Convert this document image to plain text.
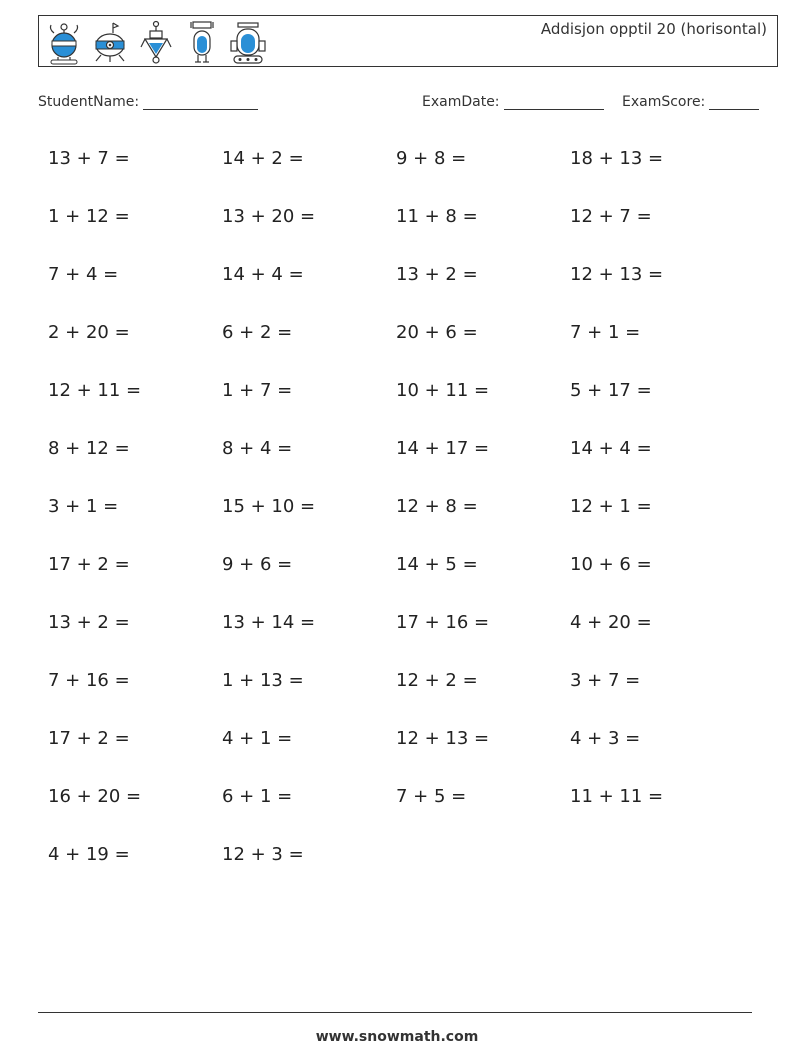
Addisjon opptil 20 (horisontal)
StudentName:	ExamDate:	ExamScore:
13 + 7 =	14 + 2 =	9 + 8 =	18 + 13 =
1 + 12 =	13 + 20 =	11 + 8 =	12 + 7 =
7 + 4 =	14 + 4 =	13 + 2 =	12 + 13 =
2 + 20 =	6 + 2 =	20 + 6 =	7 + 1 =
12 + 11 =	1 + 7 =	10 + 11 =	5 + 17 =
8 + 12 =	8 + 4 =	14 + 17 =	14 + 4 =
3 + 1 =	15 + 10 =	12 + 8 =	12 + 1 =
17 + 2 =	9 + 6 =	14 + 5 =	10 + 6 =
13 + 2 =	13 + 14 =	17 + 16 =	4 + 20 =
7 + 16 =	1 + 13 =	12 + 2 =	3 + 7 =
17 + 2 =	4 + 1 =	12 + 13 =	4 + 3 =
16 + 20 =	6 + 1 =	7 + 5 =	11 + 11 =
4 + 19 =	12 + 3 =
www.snowmath.com
